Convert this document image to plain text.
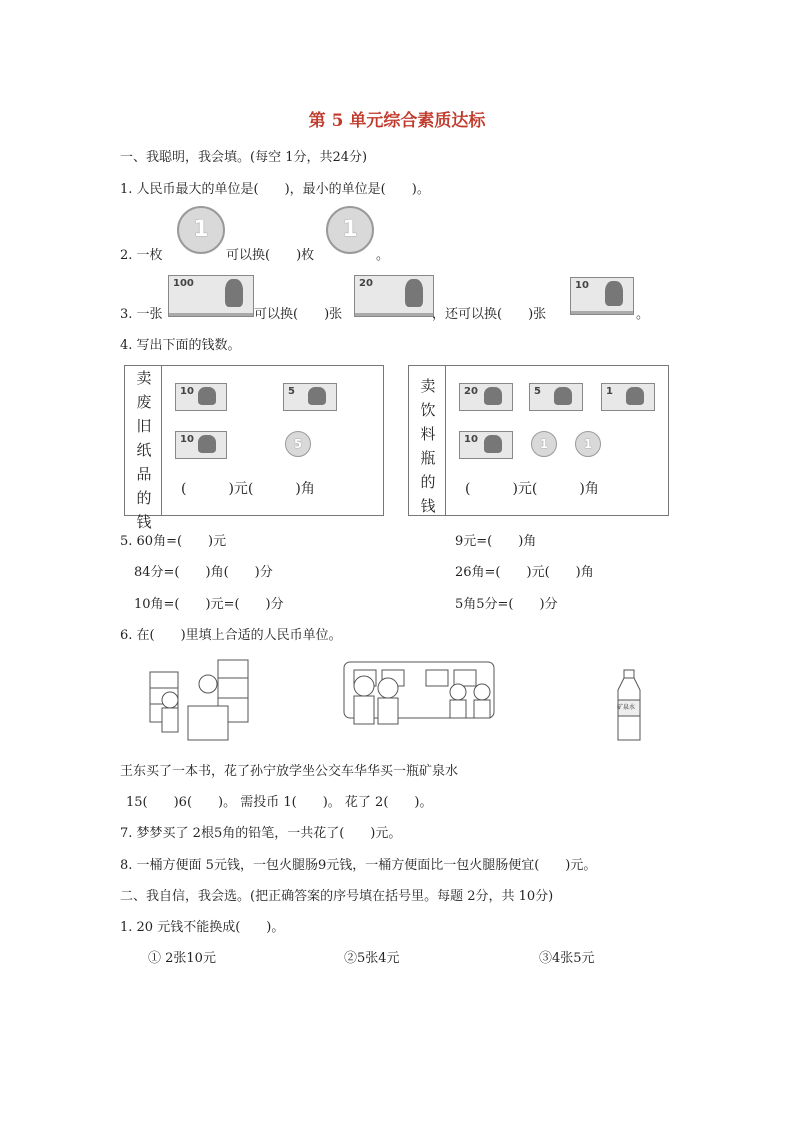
第 5 单元综合素质达标
一、我聪明，我会填。(每空 1分，共24分)
1. 人民币最大的单位是(　　)，最小的单位是(　　)。
2. 一枚
1
可以换(　　)枚
1
。
3. 一张
100
可以换(　　)张
20
，还可以换(　　)张
10
。
4. 写出下面的钱数。
卖
废
旧
纸
品
的
钱
10	5
10	5
(　　　)元(　　　)角
卖
饮
料
瓶
的
钱
20	5	1
10	1	1
(　　　)元(　　　)角
5. 60角=(　　)元	9元=(　　)角
84分=(　　)角(　　)分	26角=(　　)元(　　)角
10角=(　　)元=(　　)分	5角5分=(　　)分
6. 在(　　)里填上合适的人民币单位。
矿泉水
王东买了一本书，花了孙宁放学坐公交车华华买一瓶矿泉水
15(　　)6(　　)。 需投币 1(　　)。 花了 2(　　)。
7. 梦梦买了 2根5角的铅笔，一共花了(　　)元。
8. 一桶方便面 5元钱，一包火腿肠9元钱，一桶方便面比一包火腿肠便宜(　　)元。
二、我自信，我会选。(把正确答案的序号填在括号里。每题 2分，共 10分)
1. 20 元钱不能换成(　　)。
① 2张10元	②5张4元	③4张5元
